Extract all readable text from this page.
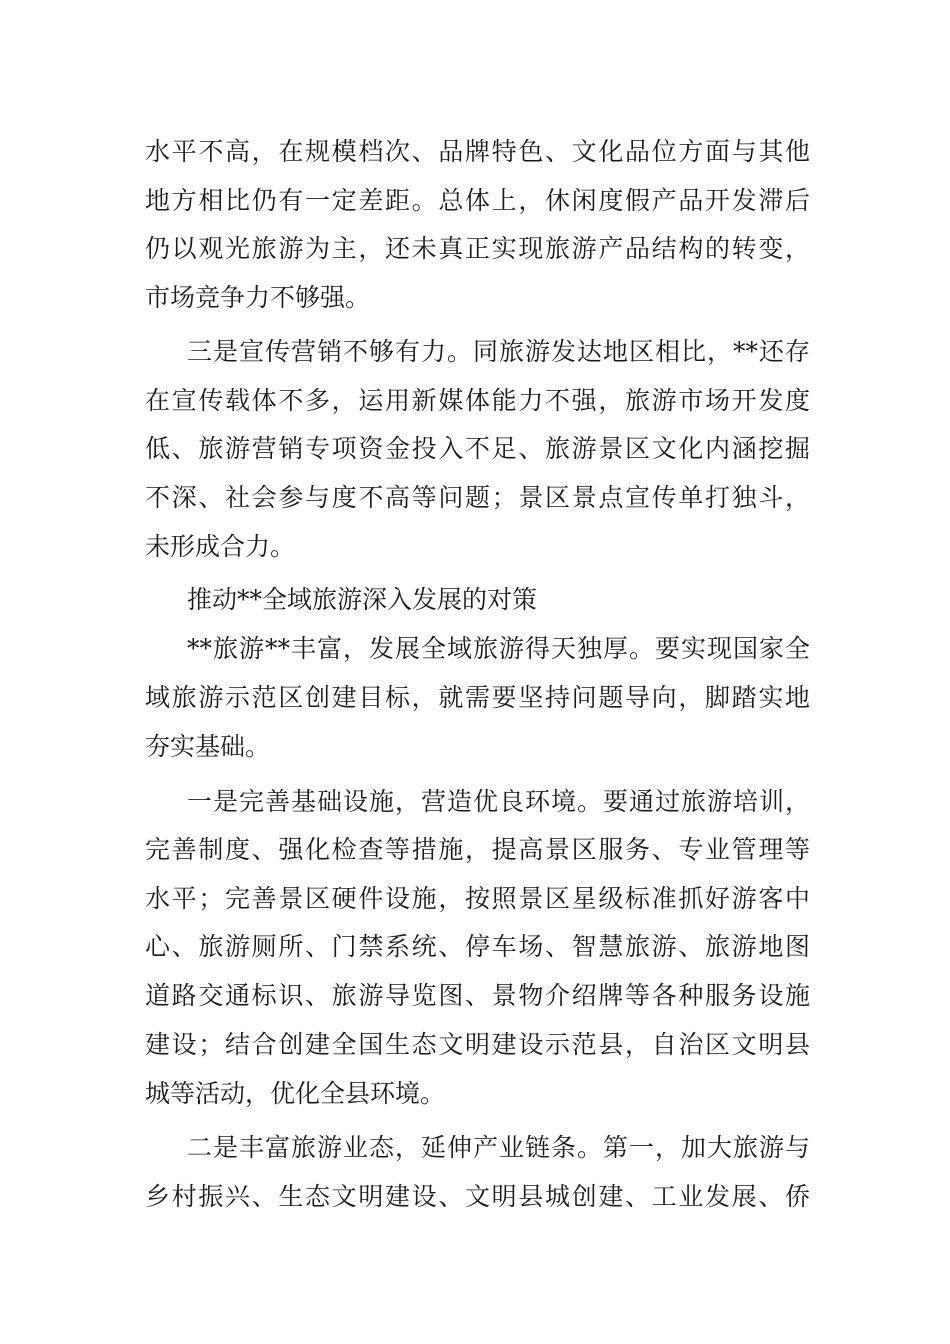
水平不高，在规模档次、品牌特色、文化品位方面与其他
地方相比仍有一定差距。总体上，休闲度假产品开发滞后
仍以观光旅游为主，还未真正实现旅游产品结构的转变，
市场竞争力不够强。
三是宣传营销不够有力。同旅游发达地区相比，**还存
在宣传载体不多，运用新媒体能力不强，旅游市场开发度
低、旅游营销专项资金投入不足、旅游景区文化内涵挖掘
不深、社会参与度不高等问题；景区景点宣传单打独斗，
未形成合力。
推动**全域旅游深入发展的对策
**旅游**丰富，发展全域旅游得天独厚。要实现国家全
域旅游示范区创建目标，就需要坚持问题导向，脚踏实地
夯实基础。
一是完善基础设施，营造优良环境。要通过旅游培训，
完善制度、强化检查等措施，提高景区服务、专业管理等
水平；完善景区硬件设施，按照景区星级标准抓好游客中
心、旅游厕所、门禁系统、停车场、智慧旅游、旅游地图
道路交通标识、旅游导览图、景物介绍牌等各种服务设施
建设；结合创建全国生态文明建设示范县，自治区文明县
城等活动，优化全县环境。
二是丰富旅游业态，延伸产业链条。第一，加大旅游与
乡村振兴、生态文明建设、文明县城创建、工业发展、侨
